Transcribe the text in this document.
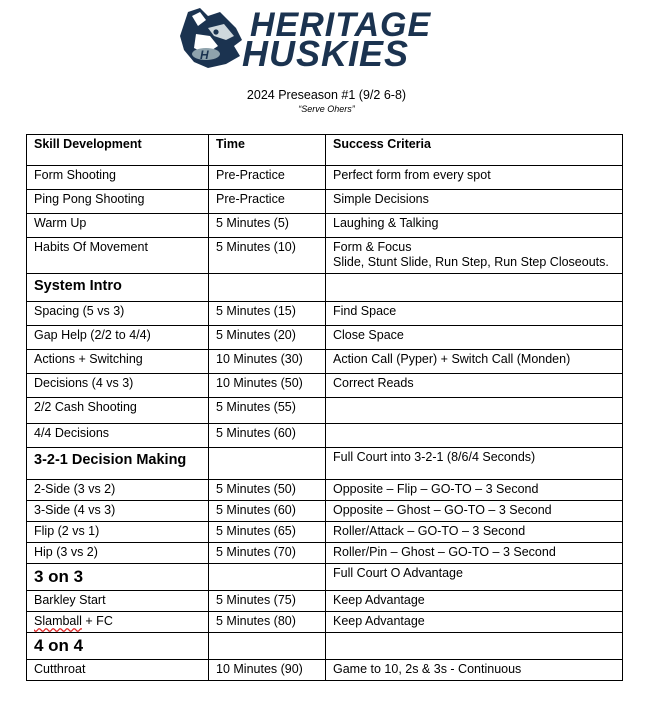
H
HERITAGE
HUSKIES
2024 Preseason #1 (9/2 6-8)
“Serve Ohers”
Skill Development	Time	Success Criteria
Form Shooting	Pre-Practice	Perfect form from every spot

Ping Pong Shooting	Pre-Practice	Simple Decisions

Warm Up	5 Minutes (5)	Laughing & Talking

Habits Of Movement	5 Minutes (10)	Form & Focus
Slide, Stunt Slide, Run Step, Run Step Closeouts.

System Intro		

Spacing (5 vs 3)	5 Minutes (15)	Find Space

Gap Help (2/2 to 4/4)	5 Minutes (20)	Close Space

Actions + Switching	10 Minutes (30)	Action Call (Pyper) + Switch Call (Monden)

Decisions (4 vs 3)	10 Minutes (50)	Correct Reads

2/2 Cash Shooting	5 Minutes (55)	

4/4 Decisions	5 Minutes (60)	

3-2-1 Decision Making		Full Court into 3-2-1 (8/6/4 Seconds)

2-Side (3 vs 2)	5 Minutes (50)	Opposite – Flip – GO-TO – 3 Second

3-Side (4 vs 3)	5 Minutes (60)	Opposite – Ghost – GO-TO – 3 Second

Flip (2 vs 1)	5 Minutes (65)	Roller/Attack – GO-TO – 3 Second

Hip (3 vs 2)	5 Minutes (70)	Roller/Pin – Ghost – GO-TO – 3 Second

3 on 3		Full Court O Advantage

Barkley Start	5 Minutes (75)	Keep Advantage

Slamball + FC	5 Minutes (80)	Keep Advantage

4 on 4		

Cutthroat	10 Minutes (90)	Game to 10, 2s & 3s - Continuous
